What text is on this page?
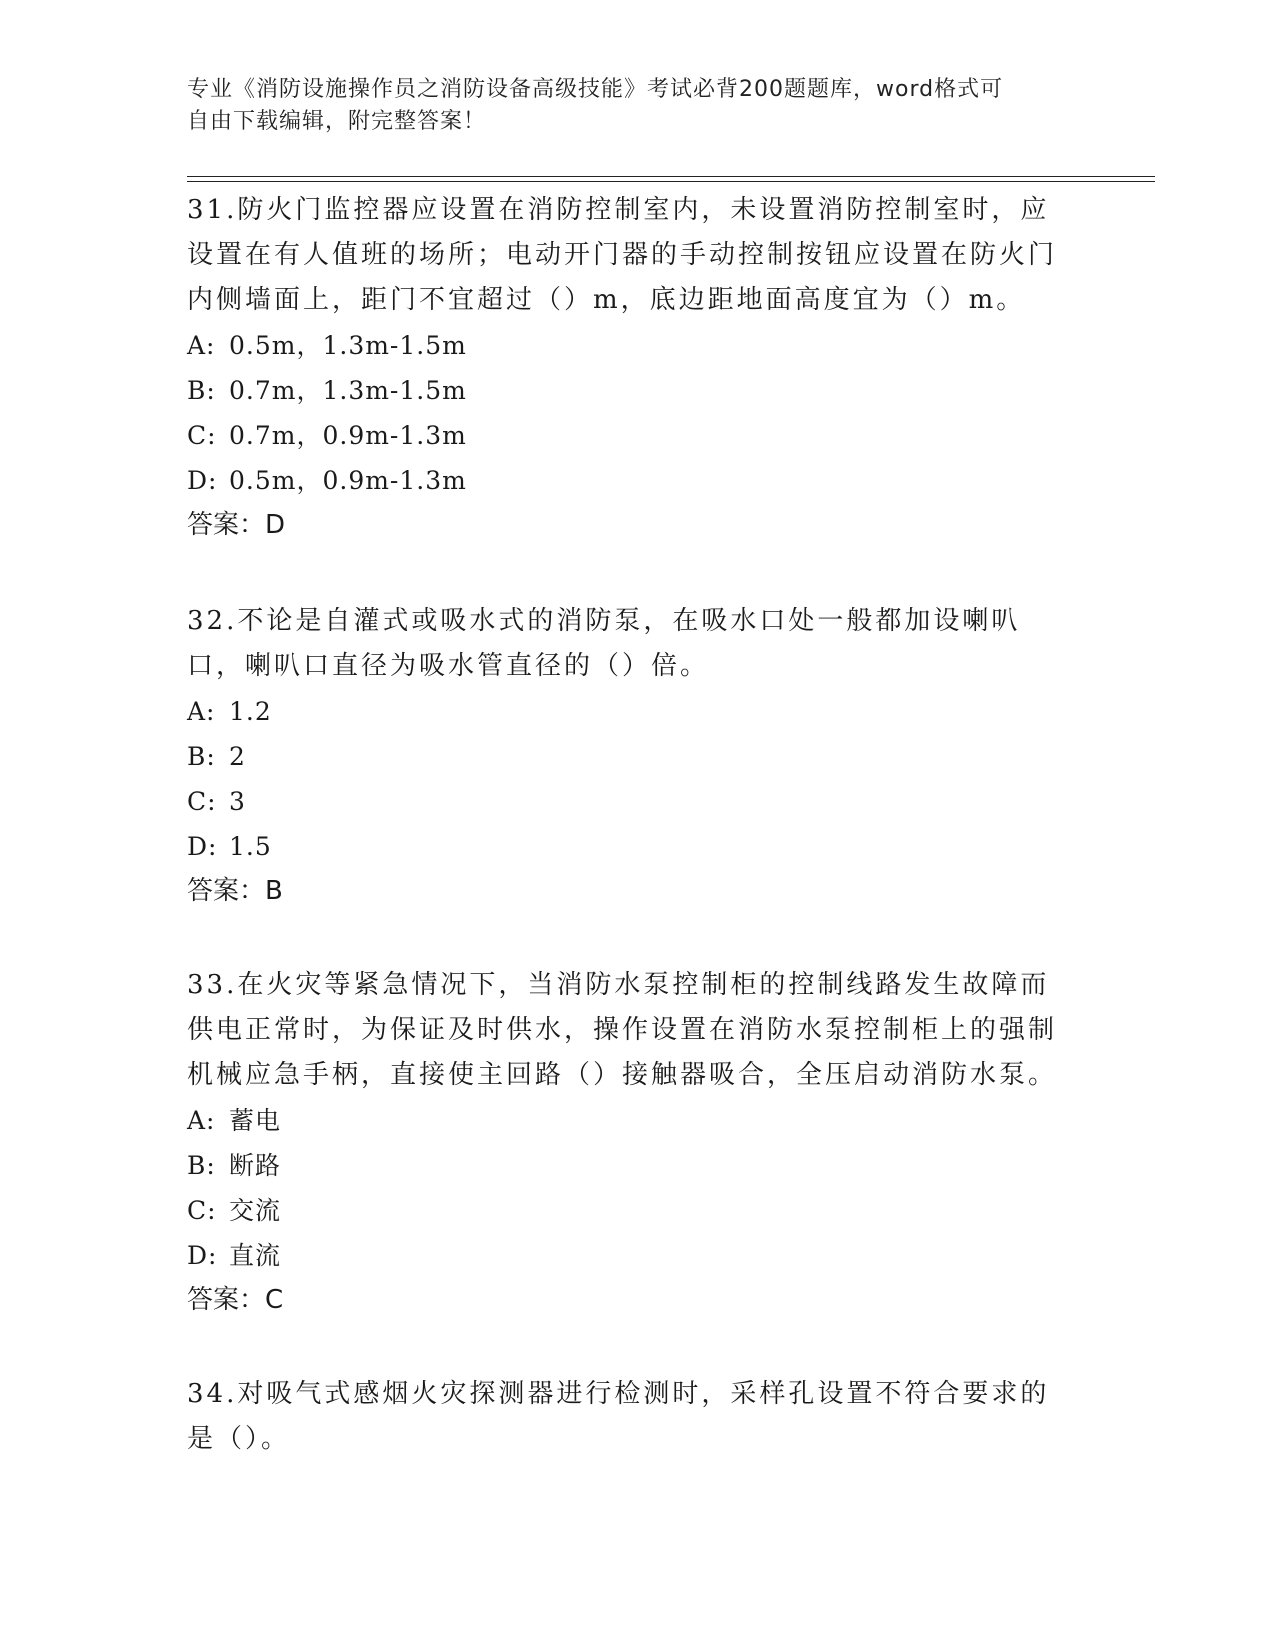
专业《消防设施操作员之消防设备高级技能》考试必背200题题库，word格式可
自由下载编辑，附完整答案！

31.防火门监控器应设置在消防控制室内，未设置消防控制室时，应设置在有人值班的场所；电动开门器的手动控制按钮应设置在防火门内侧墙面上，距门不宜超过（）m，底边距地面高度宜为（）m。

A: 0.5m，1.3m-1.5m

B: 0.7m，1.3m-1.5m

C: 0.7m，0.9m-1.3m

D: 0.5m，0.9m-1.3m

答案：D

32.不论是自灌式或吸水式的消防泵，在吸水口处一般都加设喇叭口，喇叭口直径为吸水管直径的（）倍。

A: 1.2

B: 2

C: 3

D: 1.5

答案：B

33.在火灾等紧急情况下，当消防水泵控制柜的控制线路发生故障而供电正常时，为保证及时供水，操作设置在消防水泵控制柜上的强制机械应急手柄，直接使主回路（）接触器吸合，全压启动消防水泵。

A: 蓄电

B: 断路

C: 交流

D: 直流

答案：C

34.对吸气式感烟火灾探测器进行检测时，采样孔设置不符合要求的是（）。
